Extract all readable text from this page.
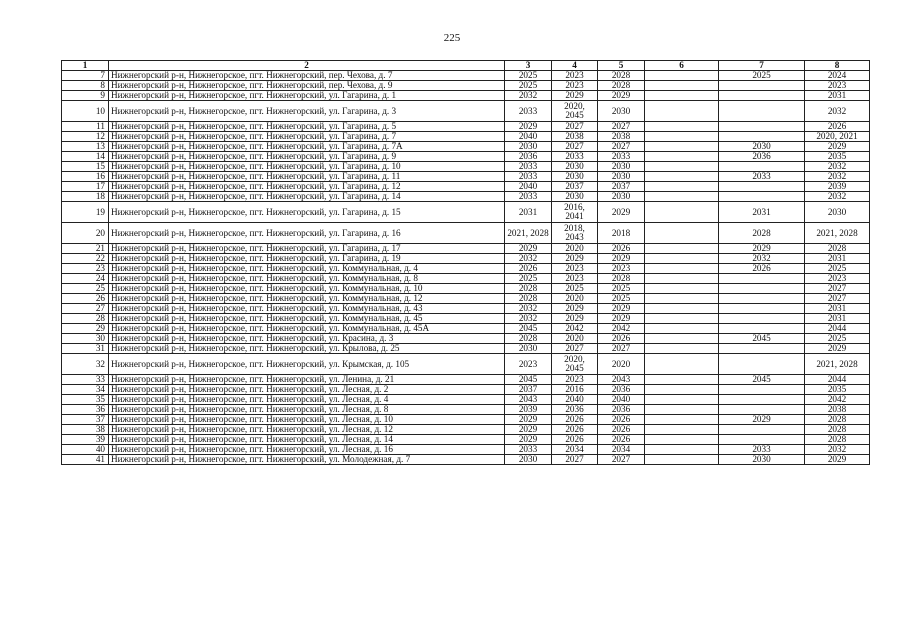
225
1	2	3	4	5	6	7	8
7	Нижнегорский р-н, Нижнегорское, пгт. Нижнегорский, пер. Чехова, д. 7	2025	2023	2028		2025	2024
8	Нижнегорский р-н, Нижнегорское, пгт. Нижнегорский, пер. Чехова, д. 9	2025	2023	2028			2023
9	Нижнегорский р-н, Нижнегорское, пгт. Нижнегорский, ул. Гагарина, д. 1	2032	2029	2029			2031
10	Нижнегорский р-н, Нижнегорское, пгт. Нижнегорский, ул. Гагарина, д. 3	2033	2020, 2045	2030			2032
11	Нижнегорский р-н, Нижнегорское, пгт. Нижнегорский, ул. Гагарина, д. 5	2029	2027	2027			2026
12	Нижнегорский р-н, Нижнегорское, пгт. Нижнегорский, ул. Гагарина, д. 7	2040	2038	2038			2020, 2021
13	Нижнегорский р-н, Нижнегорское, пгт. Нижнегорский, ул. Гагарина, д. 7А	2030	2027	2027		2030	2029
14	Нижнегорский р-н, Нижнегорское, пгт. Нижнегорский, ул. Гагарина, д. 9	2036	2033	2033		2036	2035
15	Нижнегорский р-н, Нижнегорское, пгт. Нижнегорский, ул. Гагарина, д. 10	2033	2030	2030			2032
16	Нижнегорский р-н, Нижнегорское, пгт. Нижнегорский, ул. Гагарина, д. 11	2033	2030	2030		2033	2032
17	Нижнегорский р-н, Нижнегорское, пгт. Нижнегорский, ул. Гагарина, д. 12	2040	2037	2037			2039
18	Нижнегорский р-н, Нижнегорское, пгт. Нижнегорский, ул. Гагарина, д. 14	2033	2030	2030			2032
19	Нижнегорский р-н, Нижнегорское, пгт. Нижнегорский, ул. Гагарина, д. 15	2031	2016, 2041	2029		2031	2030
20	Нижнегорский р-н, Нижнегорское, пгт. Нижнегорский, ул. Гагарина, д. 16	2021, 2028	2018, 2043	2018		2028	2021, 2028
21	Нижнегорский р-н, Нижнегорское, пгт. Нижнегорский, ул. Гагарина, д. 17	2029	2020	2026		2029	2028
22	Нижнегорский р-н, Нижнегорское, пгт. Нижнегорский, ул. Гагарина, д. 19	2032	2029	2029		2032	2031
23	Нижнегорский р-н, Нижнегорское, пгт. Нижнегорский, ул. Коммунальная, д. 4	2026	2023	2023		2026	2025
24	Нижнегорский р-н, Нижнегорское, пгт. Нижнегорский, ул. Коммунальная, д. 8	2025	2023	2028			2023
25	Нижнегорский р-н, Нижнегорское, пгт. Нижнегорский, ул. Коммунальная, д. 10	2028	2025	2025			2027
26	Нижнегорский р-н, Нижнегорское, пгт. Нижнегорский, ул. Коммунальная, д. 12	2028	2020	2025			2027
27	Нижнегорский р-н, Нижнегорское, пгт. Нижнегорский, ул. Коммунальная, д. 43	2032	2029	2029			2031
28	Нижнегорский р-н, Нижнегорское, пгт. Нижнегорский, ул. Коммунальная, д. 45	2032	2029	2029			2031
29	Нижнегорский р-н, Нижнегорское, пгт. Нижнегорский, ул. Коммунальная, д. 45А	2045	2042	2042			2044
30	Нижнегорский р-н, Нижнегорское, пгт. Нижнегорский, ул. Красина, д. 3	2028	2020	2026		2045	2025
31	Нижнегорский р-н, Нижнегорское, пгт. Нижнегорский, ул. Крылова, д. 25	2030	2027	2027			2029
32	Нижнегорский р-н, Нижнегорское, пгт. Нижнегорский, ул. Крымская, д. 105	2023	2020, 2045	2020			2021, 2028
33	Нижнегорский р-н, Нижнегорское, пгт. Нижнегорский, ул. Ленина, д. 21	2045	2023	2043		2045	2044
34	Нижнегорский р-н, Нижнегорское, пгт. Нижнегорский, ул. Лесная, д. 2	2037	2016	2036			2035
35	Нижнегорский р-н, Нижнегорское, пгт. Нижнегорский, ул. Лесная, д. 4	2043	2040	2040			2042
36	Нижнегорский р-н, Нижнегорское, пгт. Нижнегорский, ул. Лесная, д. 8	2039	2036	2036			2038
37	Нижнегорский р-н, Нижнегорское, пгт. Нижнегорский, ул. Лесная, д. 10	2029	2026	2026		2029	2028
38	Нижнегорский р-н, Нижнегорское, пгт. Нижнегорский, ул. Лесная, д. 12	2029	2026	2026			2028
39	Нижнегорский р-н, Нижнегорское, пгт. Нижнегорский, ул. Лесная, д. 14	2029	2026	2026			2028
40	Нижнегорский р-н, Нижнегорское, пгт. Нижнегорский, ул. Лесная, д. 16	2033	2034	2034		2033	2032
41	Нижнегорский р-н, Нижнегорское, пгт. Нижнегорский, ул. Молодежная, д. 7	2030	2027	2027		2030	2029
